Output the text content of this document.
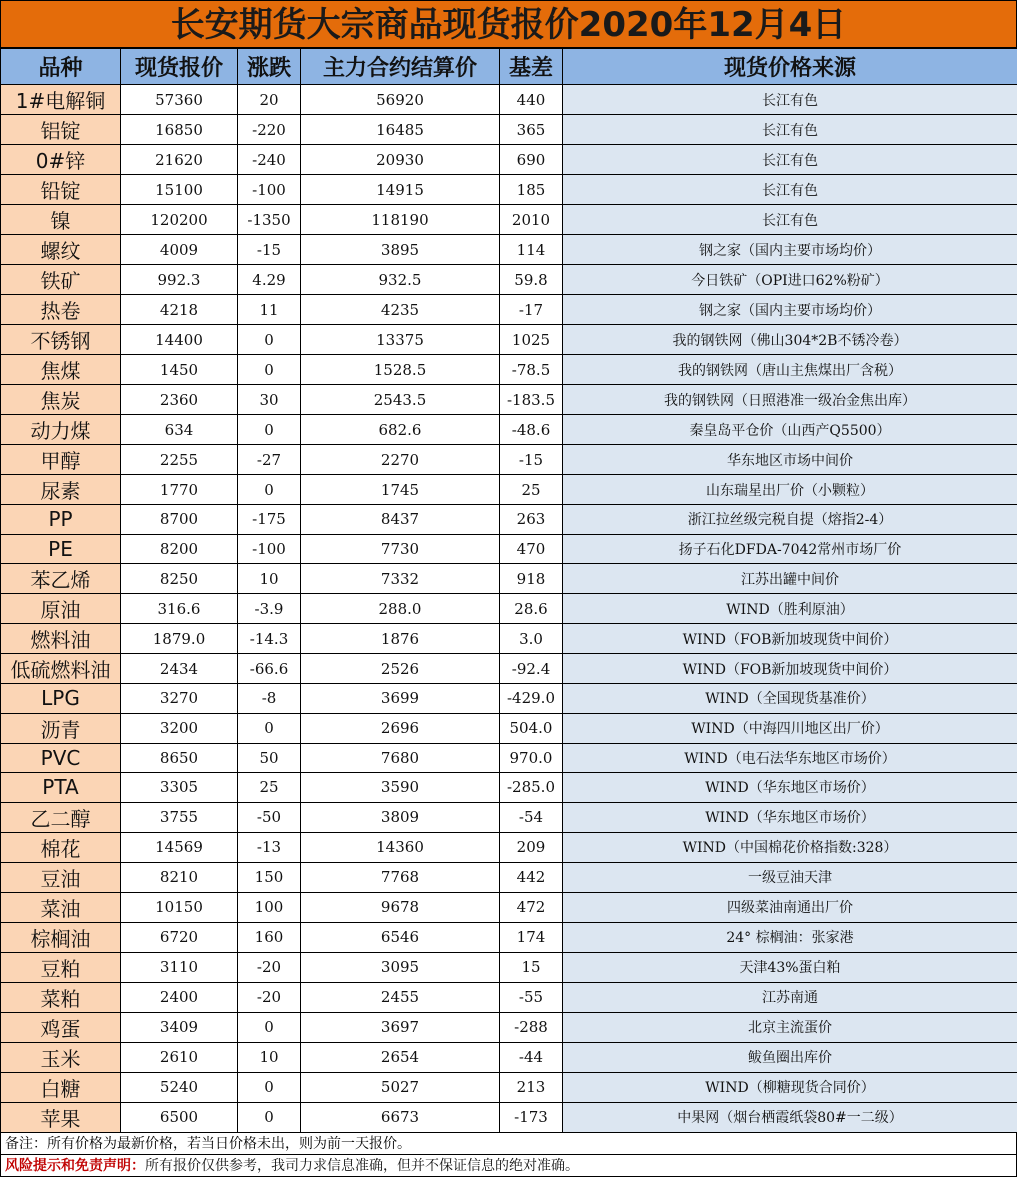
长安期货大宗商品现货报价2020年12月4日
品种	现货报价	涨跌	主力合约结算价	基差	现货价格来源
1#电解铜	57360	20	56920	440	长江有色
铝锭	16850	-220	16485	365	长江有色
0#锌	21620	-240	20930	690	长江有色
铅锭	15100	-100	14915	185	长江有色
镍	120200	-1350	118190	2010	长江有色
螺纹	4009	-15	3895	114	钢之家（国内主要市场均价）
铁矿	992.3	4.29	932.5	59.8	今日铁矿（OPI进口62%粉矿）
热卷	4218	11	4235	-17	钢之家（国内主要市场均价）
不锈钢	14400	0	13375	1025	我的钢铁网（佛山304*2B不锈冷卷）
焦煤	1450	0	1528.5	-78.5	我的钢铁网（唐山主焦煤出厂含税）
焦炭	2360	30	2543.5	-183.5	我的钢铁网（日照港准一级冶金焦出库）
动力煤	634	0	682.6	-48.6	秦皇岛平仓价（山西产Q5500）
甲醇	2255	-27	2270	-15	华东地区市场中间价
尿素	1770	0	1745	25	山东瑞星出厂价（小颗粒）
PP	8700	-175	8437	263	浙江拉丝级完税自提（熔指2-4）
PE	8200	-100	7730	470	扬子石化DFDA-7042常州市场厂价
苯乙烯	8250	10	7332	918	江苏出罐中间价
原油	316.6	-3.9	288.0	28.6	WIND（胜利原油）
燃料油	1879.0	-14.3	1876	3.0	WIND（FOB新加坡现货中间价）
低硫燃料油	2434	-66.6	2526	-92.4	WIND（FOB新加坡现货中间价）
LPG	3270	-8	3699	-429.0	WIND（全国现货基准价）
沥青	3200	0	2696	504.0	WIND（中海四川地区出厂价）
PVC	8650	50	7680	970.0	WIND（电石法华东地区市场价）
PTA	3305	25	3590	-285.0	WIND（华东地区市场价）
乙二醇	3755	-50	3809	-54	WIND（华东地区市场价）
棉花	14569	-13	14360	209	WIND（中国棉花价格指数:328）
豆油	8210	150	7768	442	一级豆油天津
菜油	10150	100	9678	472	四级菜油南通出厂价
棕榈油	6720	160	6546	174	24° 棕榈油：张家港
豆粕	3110	-20	3095	15	天津43%蛋白粕
菜粕	2400	-20	2455	-55	江苏南通
鸡蛋	3409	0	3697	-288	北京主流蛋价
玉米	2610	10	2654	-44	鲅鱼圈出库价
白糖	5240	0	5027	213	WIND（柳糖现货合同价）
苹果	6500	0	6673	-173	中果网（烟台栖霞纸袋80#一二级）
备注：所有价格为最新价格，若当日价格未出，则为前一天报价。
风险提示和免责声明：所有报价仅供参考，我司力求信息准确，但并不保证信息的绝对准确。
